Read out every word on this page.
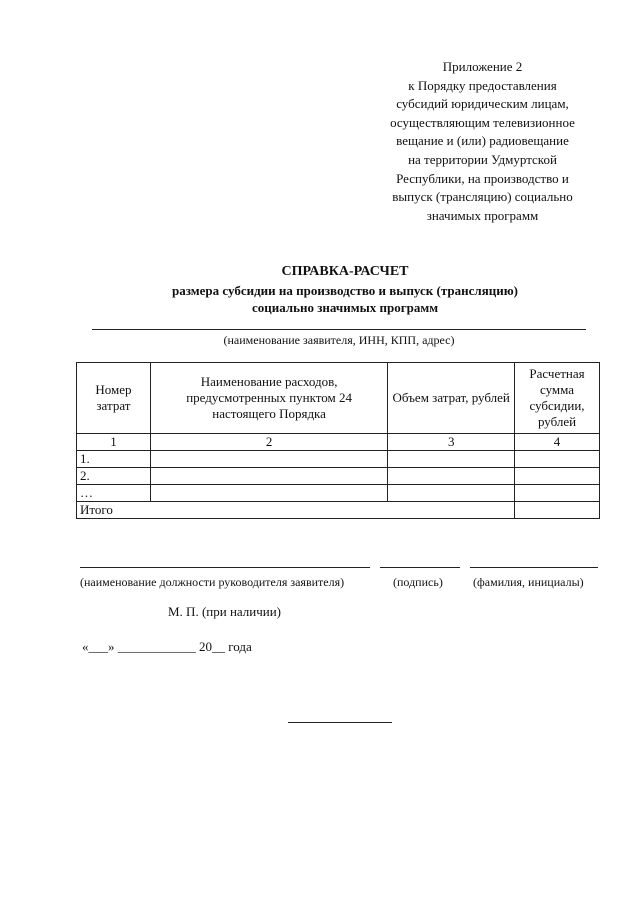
Приложение 2
к Порядку предоставления
субсидий юридическим лицам,
осуществляющим телевизионное
вещание и (или) радиовещание
на территории Удмуртской
Республики, на производство и
выпуск (трансляцию) социально
значимых программ
СПРАВКА-РАСЧЕТ
размера субсидии на производство и выпуск (трансляцию)
социально значимых программ
(наименование заявителя, ИНН, КПП, адрес)
Номер затрат	Наименование расходов, предусмотренных пунктом 24 настоящего Порядка	Объем затрат, рублей	Расчетная сумма субсидии, рублей
1	2	3	4
1.			
2.			
…			
Итого			
(наименование должности руководителя заявителя)	(подпись)	(фамилия, инициалы)
М. П. (при наличии)
«___» ____________ 20__ года
